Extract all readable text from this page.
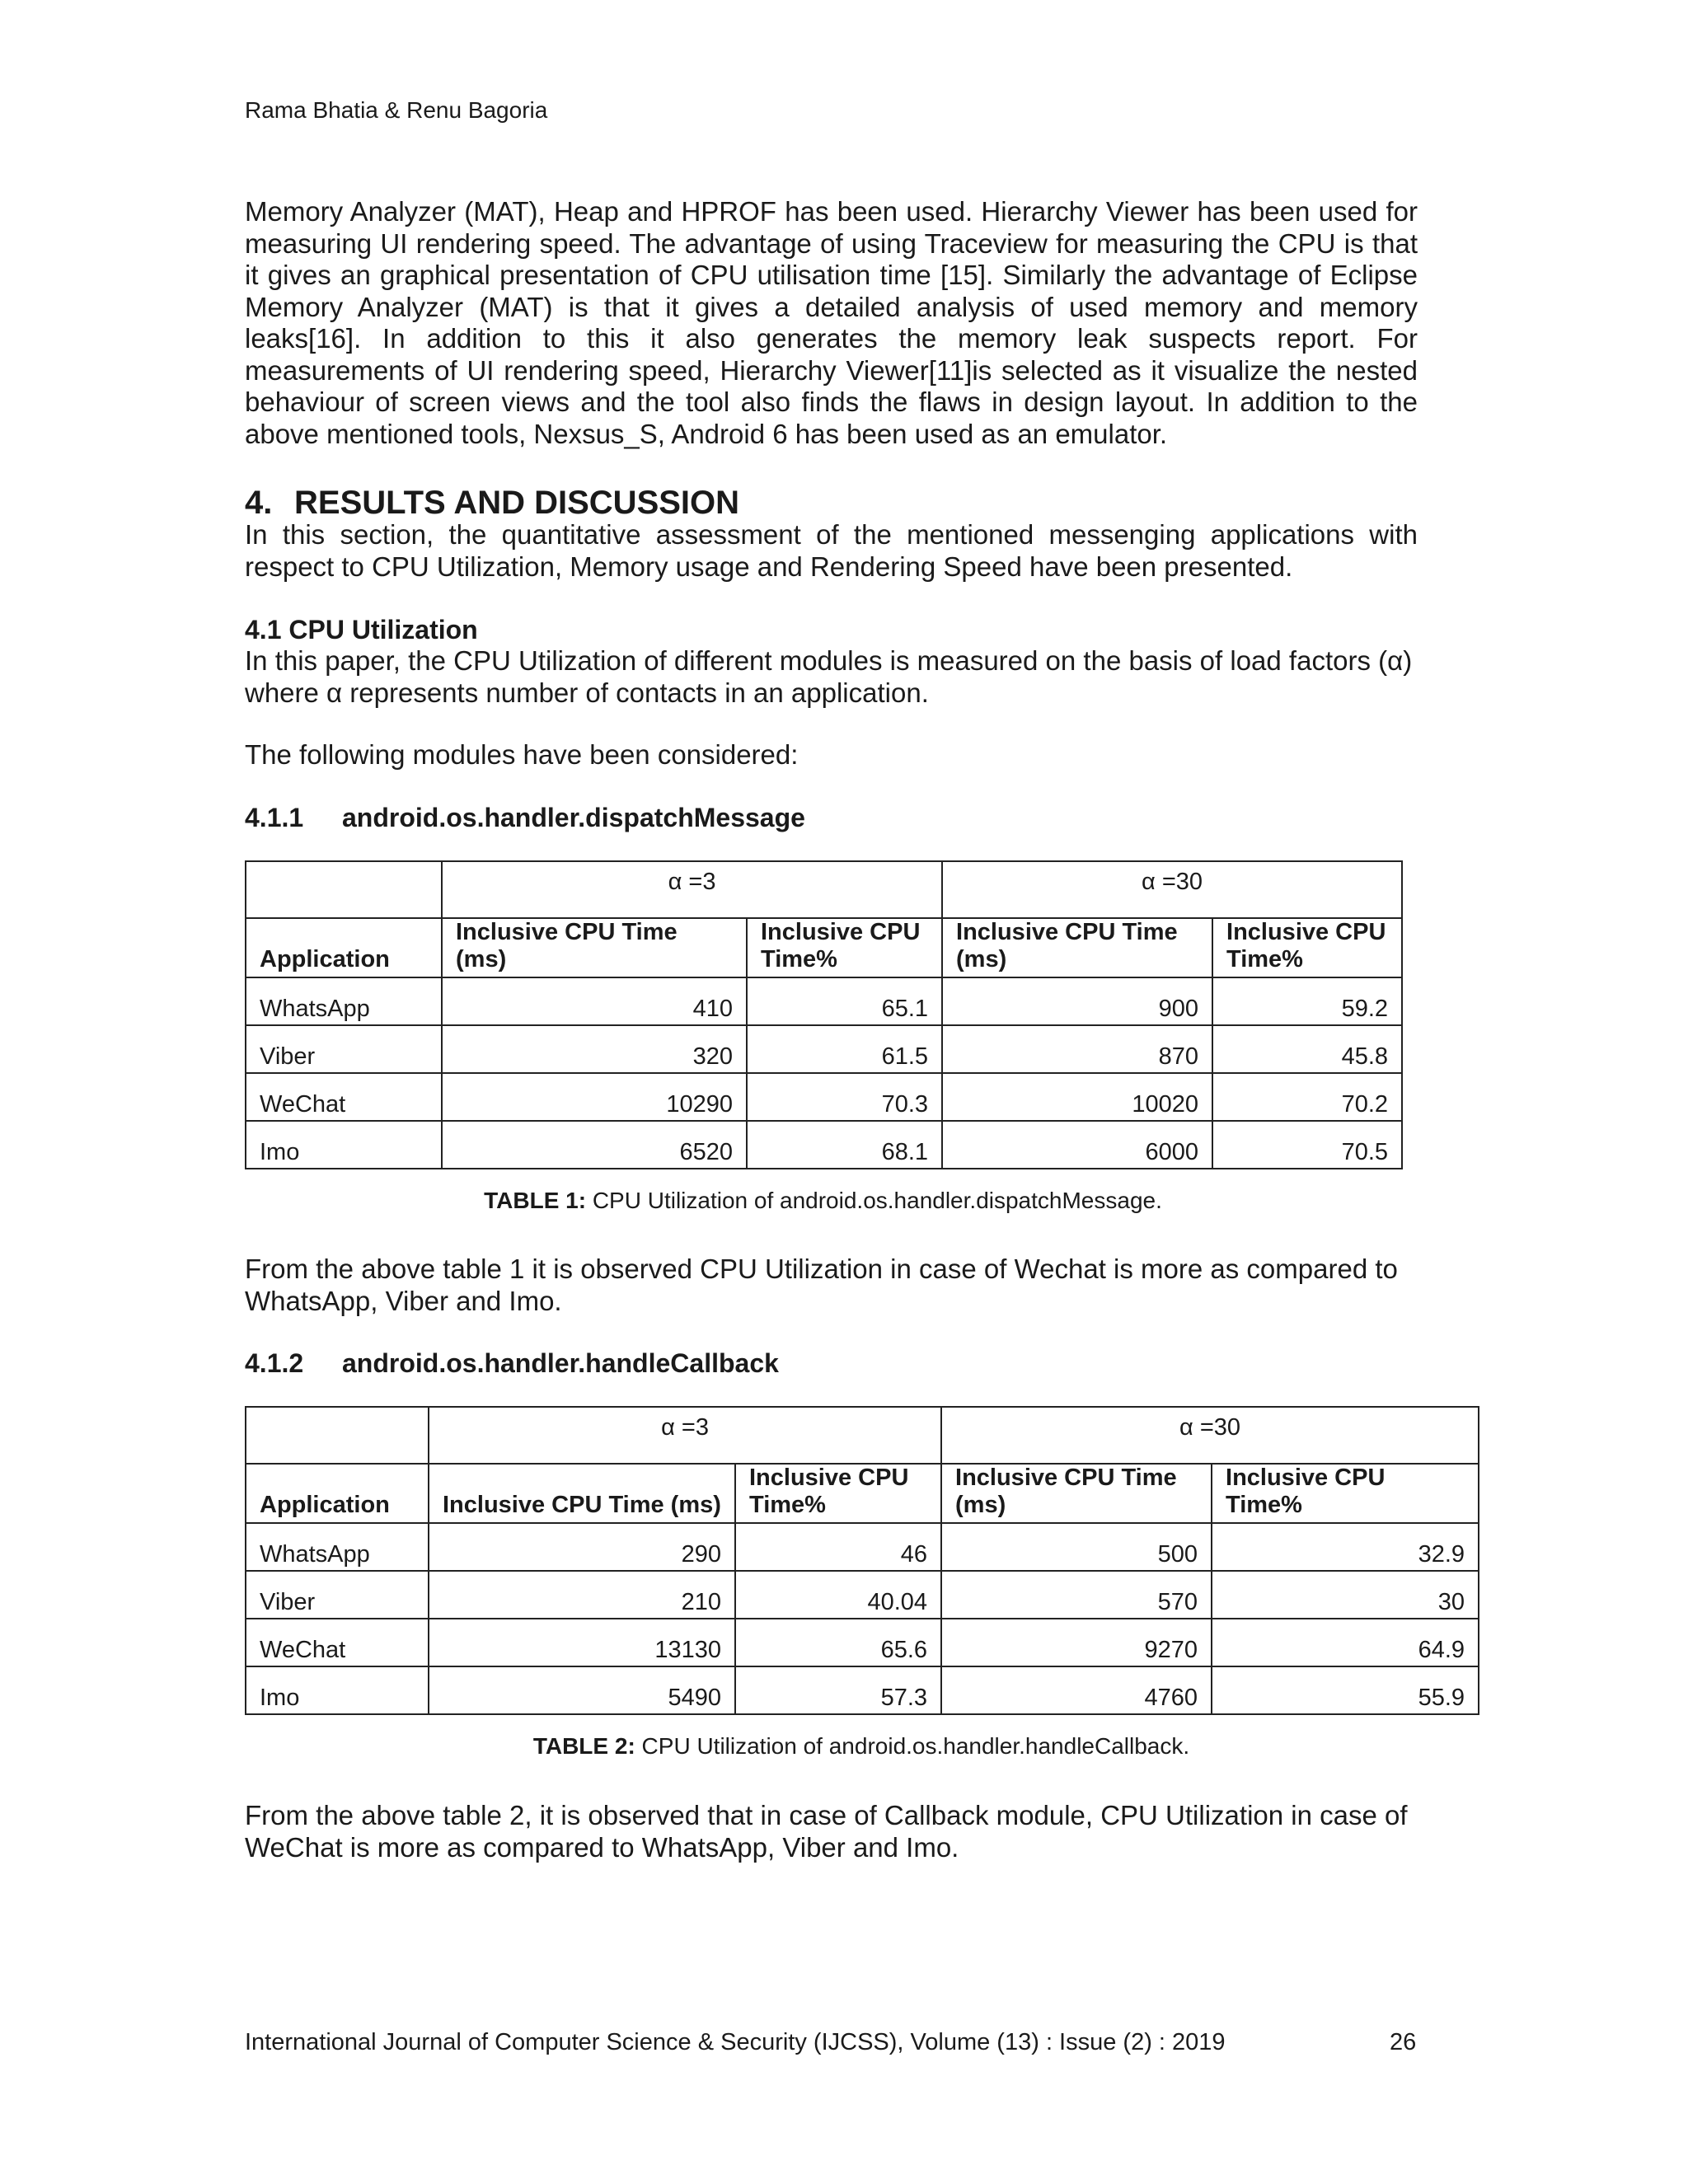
Rama Bhatia & Renu Bagoria
Memory Analyzer (MAT), Heap and HPROF has been used. Hierarchy Viewer has been used for measuring UI rendering speed. The advantage of using Traceview for measuring the CPU is that it gives an graphical presentation of CPU utilisation time [15]. Similarly the advantage of Eclipse Memory Analyzer (MAT) is that it gives a detailed analysis of used memory and memory leaks[16]. In addition to this it also generates the memory leak suspects report. For measurements of UI rendering speed, Hierarchy Viewer[11]is selected as it visualize the nested behaviour of screen views and the tool also finds the flaws in design layout. In addition to the above mentioned tools, Nexsus_S, Android 6 has been used as an emulator.
4. RESULTS AND DISCUSSION
In this section, the quantitative assessment of the mentioned messenging applications with respect to CPU Utilization, Memory usage and Rendering Speed have been presented.
4.1 CPU Utilization
In this paper, the CPU Utilization of different modules is measured on the basis of load factors (α) where α represents number of contacts in an application.
The following modules have been considered:
4.1.1 android.os.handler.dispatchMessage
	α =3		α =30	
Application	Inclusive CPU Time (ms)	Inclusive CPU Time%	Inclusive CPU Time (ms)	Inclusive CPU Time%
WhatsApp	410	65.1	900	59.2
Viber	320	61.5	870	45.8
WeChat	10290	70.3	10020	70.2
Imo	6520	68.1	6000	70.5
TABLE 1: CPU Utilization of android.os.handler.dispatchMessage.
From the above table 1 it is observed CPU Utilization in case of Wechat is more as compared to WhatsApp, Viber and Imo.
4.1.2 android.os.handler.handleCallback
	α =3		α =30	
Application	Inclusive CPU Time (ms)	Inclusive CPU Time%	Inclusive CPU Time (ms)	Inclusive CPU Time%
WhatsApp	290	46	500	32.9
Viber	210	40.04	570	30
WeChat	13130	65.6	9270	64.9
Imo	5490	57.3	4760	55.9
TABLE 2: CPU Utilization of android.os.handler.handleCallback.
From the above table 2, it is observed that in case of Callback module, CPU Utilization in case of WeChat is more as compared to WhatsApp, Viber and Imo.
International Journal of Computer Science & Security (IJCSS), Volume (13) : Issue (2) : 2019	26
